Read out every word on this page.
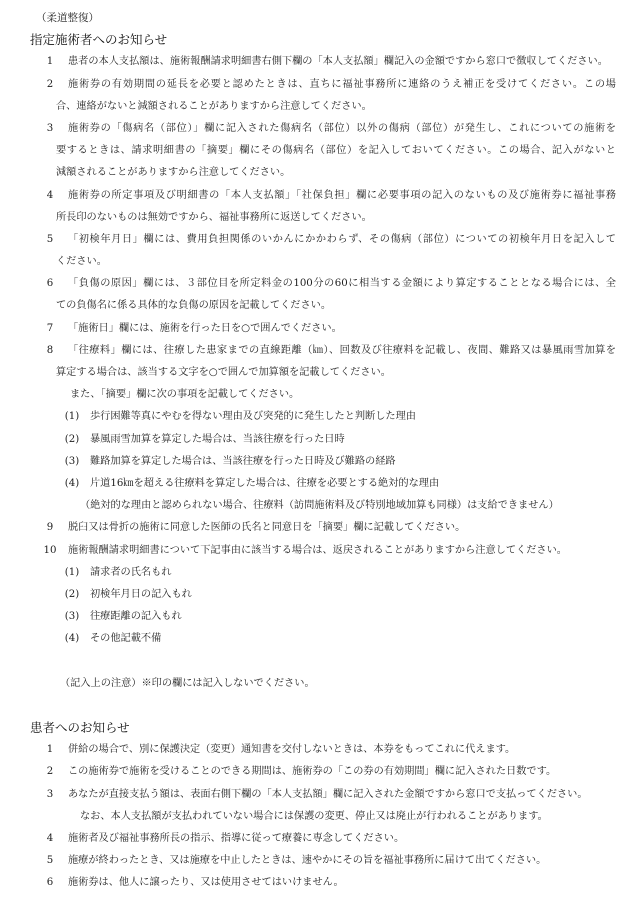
（柔道整復）
指定施術者へのお知らせ
1	患者の本人支払額は、施術報酬請求明細書右側下欄の「本人支払額」欄記入の金額ですから窓口で徴収してください。
2	施術券の有効期間の延長を必要と認めたときは、直ちに福祉事務所に連絡のうえ補正を受けてください。この場
合、連絡がないと減額されることがありますから注意してください。
3	施術券の「傷病名（部位）」欄に記入された傷病名（部位）以外の傷病（部位）が発生し、これについての施術を
要するときは、請求明細書の「摘要」欄にその傷病名（部位）を記入しておいてください。この場合、記入がないと
減額されることがありますから注意してください。
4	施術券の所定事項及び明細書の「本人支払額」「社保負担」欄に必要事項の記入のないもの及び施術券に福祉事務
所長印のないものは無効ですから、福祉事務所に返送してください。
5	「初検年月日」欄には、費用負担関係のいかんにかかわらず、その傷病（部位）についての初検年月日を記入して
ください。
6	「負傷の原因」欄には、３部位目を所定料金の100分の60に相当する金額により算定することとなる場合には、全
ての負傷名に係る具体的な負傷の原因を記載してください。
7	「施術日」欄には、施術を行った日を○で囲んでください。
8	「往療料」欄には、往療した患家までの直線距離（㎞）、回数及び往療料を記載し、夜間、難路又は暴風雨雪加算を
算定する場合は、該当する文字を○で囲んで加算額を記載してください。
また、「摘要」欄に次の事項を記載してください。
(1) 歩行困難等真にやむを得ない理由及び突発的に発生したと判断した理由
(2) 暴風雨雪加算を算定した場合は、当該往療を行った日時
(3) 難路加算を算定した場合は、当該往療を行った日時及び難路の経路
(4) 片道16㎞を超える往療料を算定した場合は、往療を必要とする絶対的な理由
（絶対的な理由と認められない場合、往療料（訪問施術料及び特別地域加算も同様）は支給できません）
9	脱臼又は骨折の施術に同意した医師の氏名と同意日を「摘要」欄に記載してください。
10	施術報酬請求明細書について下記事由に該当する場合は、返戻されることがありますから注意してください。
(1) 請求者の氏名もれ
(2) 初検年月日の記入もれ
(3) 往療距離の記入もれ
(4) その他記載不備
（記入上の注意）※印の欄には記入しないでください。
患者へのお知らせ
1	併給の場合で、別に保護決定（変更）通知書を交付しないときは、本券をもってこれに代えます。
2	この施術券で施術を受けることのできる期間は、施術券の「この券の有効期間」欄に記入された日数です。
3	あなたが直接支払う額は、表面右側下欄の「本人支払額」欄に記入された金額ですから窓口で支払ってください。
なお、本人支払額が支払われていない場合には保護の変更、停止又は廃止が行われることがあります。
4	施術者及び福祉事務所長の指示、指導に従って療養に専念してください。
5	施療が終わったとき、又は施療を中止したときは、速やかにその旨を福祉事務所に届けて出てください。
6	施術券は、他人に譲ったり、又は使用させてはいけません。
